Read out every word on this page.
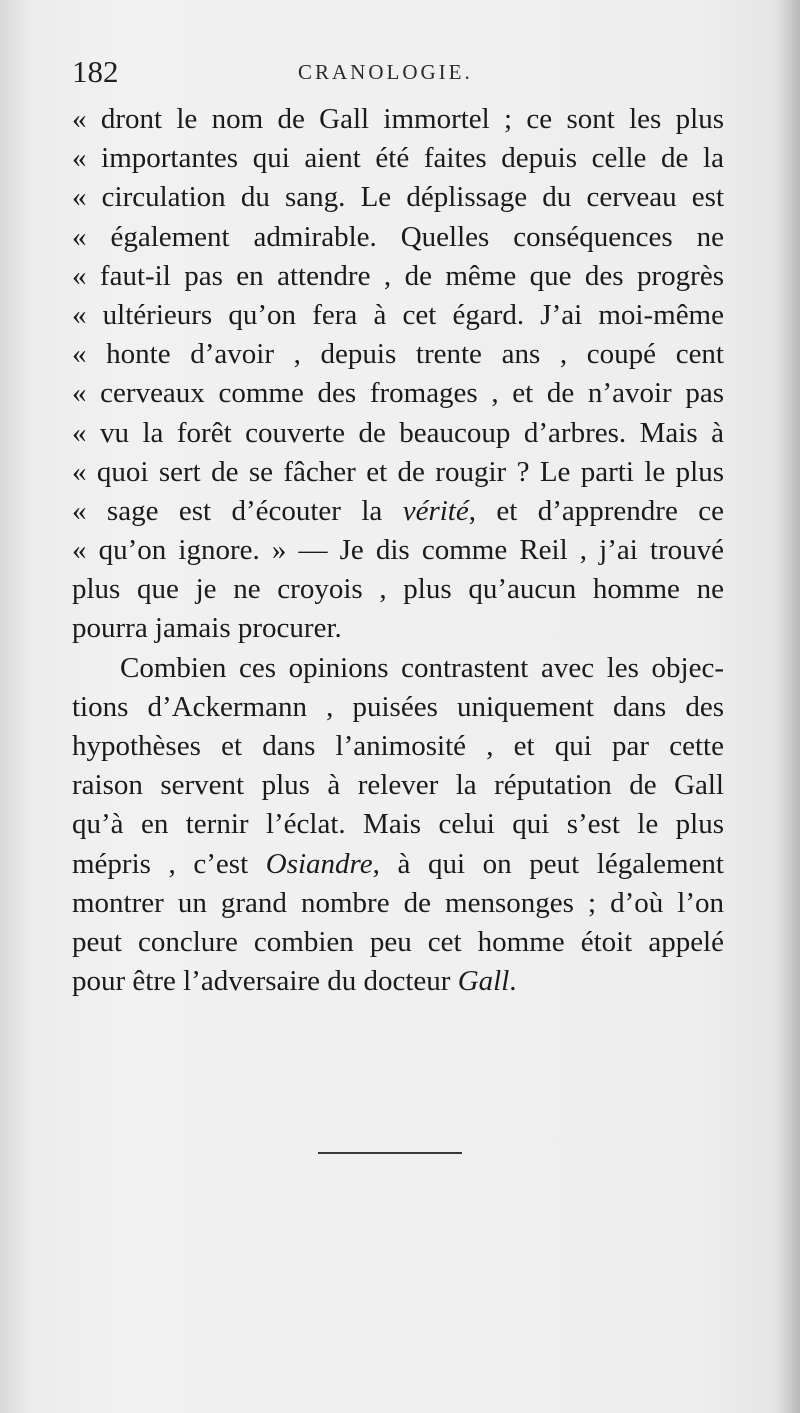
182	CRANOLOGIE.
« dront le nom de Gall immortel ; ce sont les plus
« importantes qui aient été faites depuis celle de la
« circulation du sang. Le déplissage du cerveau est
« également admirable. Quelles conséquences ne
« faut-il pas en attendre , de même que des progrès
« ultérieurs qu’on fera à cet égard. J’ai moi-même
« honte d’avoir , depuis trente ans , coupé cent
« cerveaux comme des fromages , et de n’avoir pas
« vu la forêt couverte de beaucoup d’arbres. Mais à
« quoi sert de se fâcher et de rougir ? Le parti le plus
« sage est d’écouter la vérité, et d’apprendre ce
« qu’on ignore. » — Je dis comme Reil , j’ai trouvé
plus que je ne croyois , plus qu’aucun homme ne
pourra jamais procurer.
Combien ces opinions contrastent avec les objec-
tions d’Ackermann , puisées uniquement dans des
hypothèses et dans l’animosité , et qui par cette
raison servent plus à relever la réputation de Gall
qu’à en ternir l’éclat. Mais celui qui s’est le plus
mépris , c’est Osiandre, à qui on peut légalement
montrer un grand nombre de mensonges ; d’où l’on
peut conclure combien peu cet homme étoit appelé
pour être l’adversaire du docteur Gall.
